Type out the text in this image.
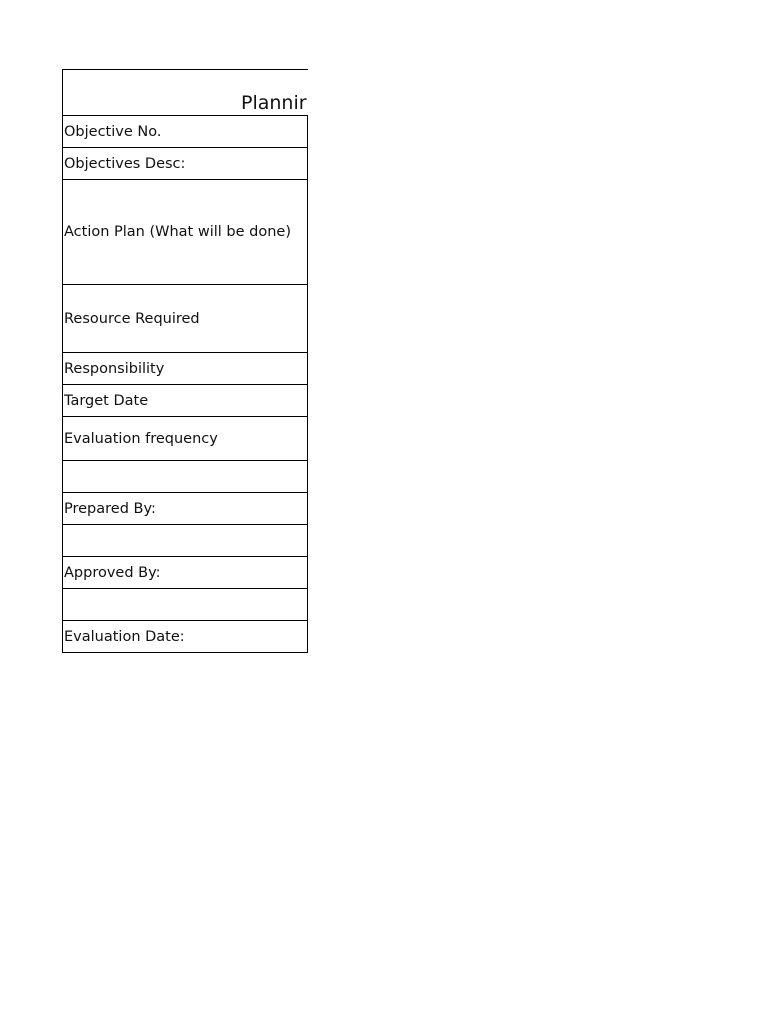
Plannir
Objective No.
Objectives Desc:
Action Plan (What will be done)
Resource Required
Responsibility
Target Date
Evaluation frequency
Prepared By:
Approved By:
Evaluation Date:
